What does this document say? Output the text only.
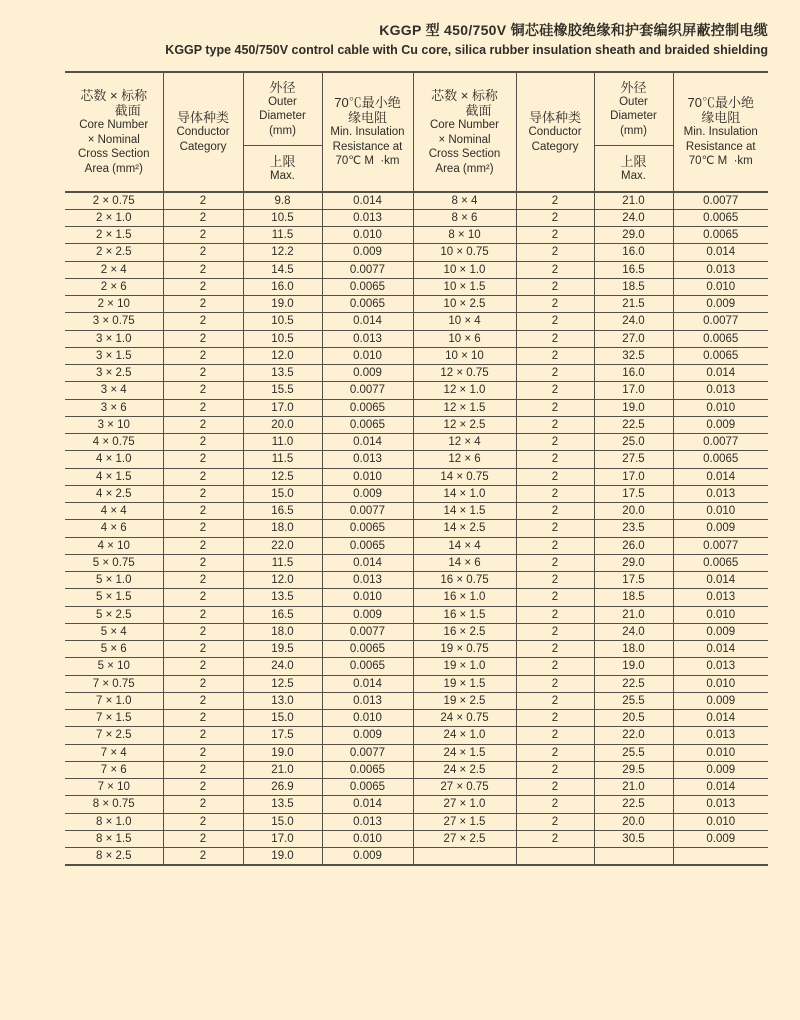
KGGP 型 450/750V 铜芯硅橡胶绝缘和护套编织屏蔽控制电缆
KGGP type 450/750V control cable with Cu core, silica rubber insulation sheath and braided shielding
芯数 × 标称
截面
Core Number
× Nominal
Cross Section
Area (mm²)

导体种类
Conductor
Category

外径
Outer
Diameter
(mm)

70℃最小绝
缘电阻
Min. Insulation
Resistance at
70℃ M  ·km

芯数 × 标称
截面
Core Number
× Nominal
Cross Section
Area (mm²)

导体种类
Conductor
Category

外径
Outer
Diameter
(mm)

70℃最小绝
缘电阻
Min. Insulation
Resistance at
70℃ M  ·km

		上限
Max.				上限
Max.	

2 × 0.75	2	9.8	0.014	8 × 4	2	21.0	0.0077
2 × 1.0	2	10.5	0.013	8 × 6	2	24.0	0.0065
2 × 1.5	2	11.5	0.010	8 × 10	2	29.0	0.0065
2 × 2.5	2	12.2	0.009	10 × 0.75	2	16.0	0.014
2 × 4	2	14.5	0.0077	10 × 1.0	2	16.5	0.013
2 × 6	2	16.0	0.0065	10 × 1.5	2	18.5	0.010
2 × 10	2	19.0	0.0065	10 × 2.5	2	21.5	0.009
3 × 0.75	2	10.5	0.014	10 × 4	2	24.0	0.0077
3 × 1.0	2	10.5	0.013	10 × 6	2	27.0	0.0065
3 × 1.5	2	12.0	0.010	10 × 10	2	32.5	0.0065
3 × 2.5	2	13.5	0.009	12 × 0.75	2	16.0	0.014
3 × 4	2	15.5	0.0077	12 × 1.0	2	17.0	0.013
3 × 6	2	17.0	0.0065	12 × 1.5	2	19.0	0.010
3 × 10	2	20.0	0.0065	12 × 2.5	2	22.5	0.009
4 × 0.75	2	11.0	0.014	12 × 4	2	25.0	0.0077
4 × 1.0	2	11.5	0.013	12 × 6	2	27.5	0.0065
4 × 1.5	2	12.5	0.010	14 × 0.75	2	17.0	0.014
4 × 2.5	2	15.0	0.009	14 × 1.0	2	17.5	0.013
4 × 4	2	16.5	0.0077	14 × 1.5	2	20.0	0.010
4 × 6	2	18.0	0.0065	14 × 2.5	2	23.5	0.009
4 × 10	2	22.0	0.0065	14 × 4	2	26.0	0.0077
5 × 0.75	2	11.5	0.014	14 × 6	2	29.0	0.0065
5 × 1.0	2	12.0	0.013	16 × 0.75	2	17.5	0.014
5 × 1.5	2	13.5	0.010	16 × 1.0	2	18.5	0.013
5 × 2.5	2	16.5	0.009	16 × 1.5	2	21.0	0.010
5 × 4	2	18.0	0.0077	16 × 2.5	2	24.0	0.009
5 × 6	2	19.5	0.0065	19 × 0.75	2	18.0	0.014
5 × 10	2	24.0	0.0065	19 × 1.0	2	19.0	0.013
7 × 0.75	2	12.5	0.014	19 × 1.5	2	22.5	0.010
7 × 1.0	2	13.0	0.013	19 × 2.5	2	25.5	0.009
7 × 1.5	2	15.0	0.010	24 × 0.75	2	20.5	0.014
7 × 2.5	2	17.5	0.009	24 × 1.0	2	22.0	0.013
7 × 4	2	19.0	0.0077	24 × 1.5	2	25.5	0.010
7 × 6	2	21.0	0.0065	24 × 2.5	2	29.5	0.009
7 × 10	2	26.9	0.0065	27 × 0.75	2	21.0	0.014
8 × 0.75	2	13.5	0.014	27 × 1.0	2	22.5	0.013
8 × 1.0	2	15.0	0.013	27 × 1.5	2	20.0	0.010
8 × 1.5	2	17.0	0.010	27 × 2.5	2	30.5	0.009
8 × 2.5	2	19.0	0.009				
